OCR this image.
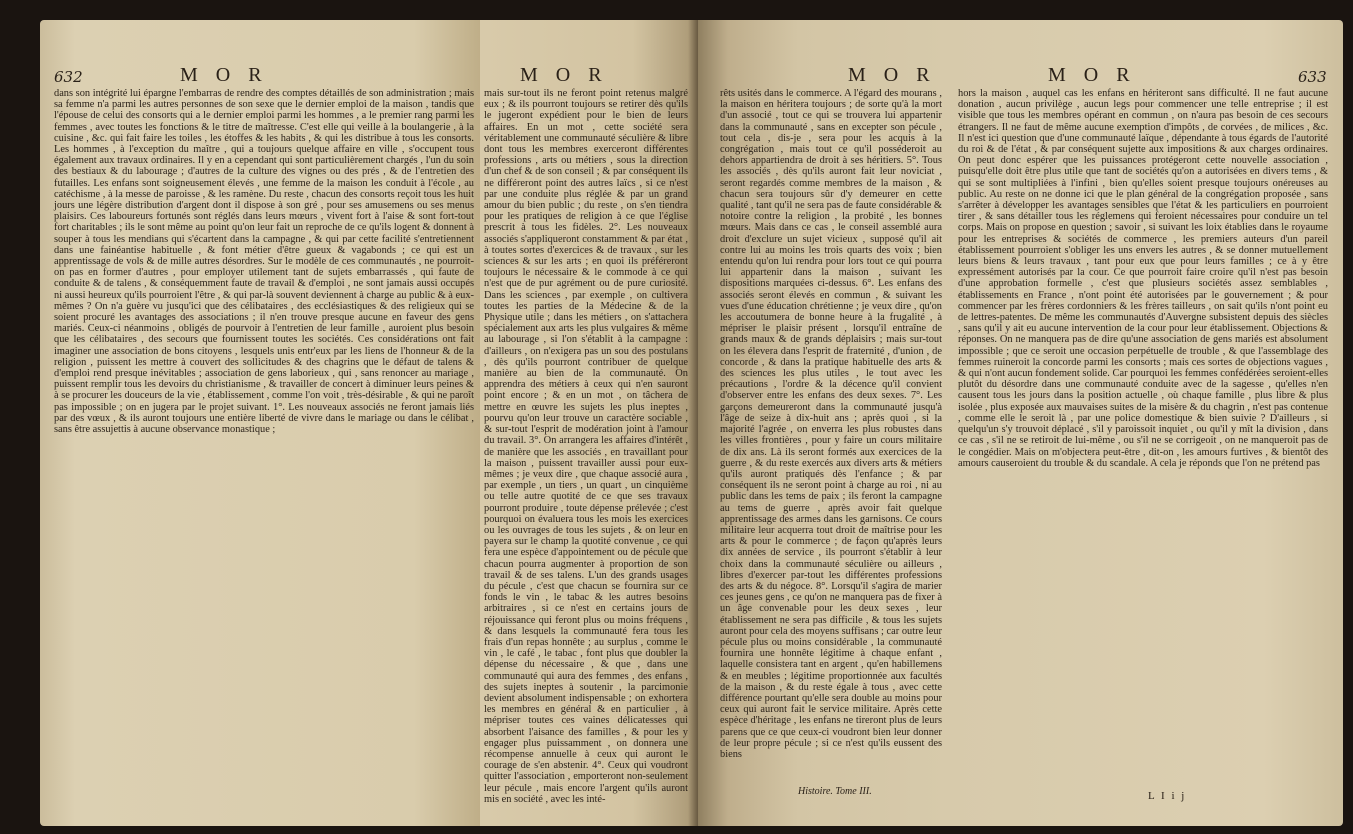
632	MOR
dans son intégrité lui épargne l'embarras de rendre des comptes détaillés de son administration ; mais sa femme n'a parmi les autres personnes de son sexe que le dernier emploi de la maison , tandis que l'épouse de celui des consorts qui a le dernier emploi parmi les hommes , a le premier rang parmi les femmes , avec toutes les fonctions & le titre de maîtresse. C'est elle qui veille à la boulangerie , à la cuisine , &c. qui fait faire les toiles , les étoffes & les habits , & qui les distribue à tous les consorts. Les hommes , à l'exception du maître , qui a toujours quelque affaire en ville , s'occupent tous également aux travaux ordinaires. Il y en a cependant qui sont particulièrement chargés , l'un du soin des bestiaux & du labourage ; d'autres de la culture des vignes ou des prés , & de l'entretien des futailles. Les enfans sont soigneusement élevés , une femme de la maison les conduit à l'école , au catéchisme , à la messe de paroisse , & les ramène. Du reste , chacun des consorts reçoit tous les huit jours une légère distribution d'argent dont il dispose à son gré , pour ses amusemens ou ses menus plaisirs. Ces laboureurs fortunés sont réglés dans leurs mœurs , vivent fort à l'aise & sont fort-tout fort charitables ; ils le sont même au point qu'on leur fait un reproche de ce qu'ils logent & donnent à souper à tous les mendians qui s'écartent dans la campagne , & qui par cette facilité s'entretiennent dans une fainéantise habituelle , & font métier d'être gueux & vagabonds ; ce qui est un apprentissage de vols & de mille autres désordres. Sur le modèle de ces communautés , ne pourroit-on pas en former d'autres , pour employer utilement tant de sujets embarrassés , qui faute de conduite & de talens , & conséquemment faute de travail & d'emploi , ne sont jamais aussi occupés ni aussi heureux qu'ils pourroient l'être , & qui par-là souvent deviennent à charge au public & à eux-mêmes ? On n'a guère vu jusqu'ici que des célibataires , des ecclésiastiques & des religieux qui se soient procuré les avantages des associations ; il n'en trouve presque aucune en faveur des gens mariés. Ceux-ci néanmoins , obligés de pourvoir à l'entretien de leur famille , auroient plus besoin que les célibataires , des secours que fournissent toutes les sociétés. Ces considérations ont fait imaginer une association de bons citoyens , lesquels unis entr'eux par les liens de l'honneur & de la religion , puissent les mettre à couvert des sollicitudes & des chagrins que le défaut de talens & d'emploi rend presque inévitables ; association de gens laborieux , qui , sans renoncer au mariage , puissent remplir tous les devoirs du christianisme , & travailler de concert à diminuer leurs peines & à se procurer les douceurs de la vie , établissement , comme l'on voit , très-désirable , & qui ne paroît pas impossible ; on en jugera par le projet suivant. 1°. Les nouveaux associés ne feront jamais liés par des vœux , & ils auront toujours une entière liberté de vivre dans le mariage ou dans le célibat , sans être assujettis à aucune observance monastique ;
MOR
mais sur-tout ils ne feront point retenus malgré eux ; & ils pourront toujours se retirer dès qu'ils le jugeront expédient pour le bien de leurs affaires. En un mot , cette société sera véritablement une communauté séculière & libre dont tous les membres exerceront différentes professions , arts ou métiers , sous la direction d'un chef & de son conseil ; & par conséquent ils ne différeront point des autres laïcs , si ce n'est par une conduite plus réglée & par un grand amour du bien public ; du reste , on s'en tiendra pour les pratiques de religion à ce que l'église prescrit à tous les fidèles. 2°. Les nouveaux associés s'appliqueront constamment & par état , à toutes sortes d'exercices & de travaux , sur les sciences & sur les arts ; en quoi ils préféreront toujours le nécessaire & le commode à ce qui n'est que de pur agrément ou de pure curiosité. Dans les sciences , par exemple , on cultivera toutes les parties de la Médecine & de la Physique utile ; dans les métiers , on s'attachera spécialement aux arts les plus vulgaires & même au labourage , si l'on s'établit à la campagne : d'ailleurs , on n'exigera pas un sou des postulans , dès qu'ils pourront contribuer de quelque manière au bien de la communauté. On apprendra des métiers à ceux qui n'en sauront point encore ; & en un mot , on tâchera de mettre en œuvre les sujets les plus ineptes , pourvu qu'on leur trouve un caractère sociable , & sur-tout l'esprit de modération joint à l'amour du travail. 3°. On arrangera les affaires d'intérêt , de manière que les associés , en travaillant pour la maison , puissent travailler aussi pour eux-mêmes ; je veux dire , que chaque associé aura , par exemple , un tiers , un quart , un cinquième ou telle autre quotité de ce que ses travaux pourront produire , toute dépense prélevée ; c'est pourquoi on évaluera tous les mois les exercices ou les ouvrages de tous les sujets , & on leur en payera sur le champ la quotité convenue , ce qui fera une espèce d'appointement ou de pécule que chacun pourra augmenter à proportion de son travail & de ses talens. L'un des grands usages du pécule , c'est que chacun se fournira sur ce fonds le vin , le tabac & les autres besoins arbitraires , si ce n'est en certains jours de réjouissance qui feront plus ou moins fréquens , & dans lesquels la communauté fera tous les frais d'un repas honnête ; au surplus , comme le vin , le café , le tabac , font plus que doubler la dépense du nécessaire , & que , dans une communauté qui aura des femmes , des enfans , des sujets ineptes à soutenir , la parcimonie devient absolument indispensable ; on exhortera les membres en général & en particulier , à mépriser toutes ces vaines délicatesses qui absorbent l'aisance des familles , & pour les y engager plus puissamment , on donnera une récompense annuelle à ceux qui auront le courage de s'en abstenir. 4°. Ceux qui voudront quitter l'association , emporteront non-seulement leur pécule , mais encore l'argent qu'ils auront mis en société , avec les inté-
MOR
rêts usités dans le commerce. A l'égard des mourans , la maison en héritera toujours ; de sorte qu'à la mort d'un associé , tout ce qui se trouvera lui appartenir dans la communauté , sans en excepter son pécule , tout cela , dis-je , sera pour les acquis à la congrégation , mais tout ce qu'il posséderoit au dehors appartiendra de droit à ses héritiers. 5°. Tous les associés , dès qu'ils auront fait leur noviciat , seront regardés comme membres de la maison , & chacun sera toujours sûr d'y demeurer en cette qualité , tant qu'il ne sera pas de faute considérable & notoire contre la religion , la probité , les bonnes mœurs. Mais dans ce cas , le conseil assemblé aura droit d'exclure un sujet vicieux , supposé qu'il ait contre lui au moins les trois quarts des voix ; bien entendu qu'on lui rendra pour lors tout ce qui pourra lui appartenir dans la maison , suivant les dispositions marquées ci-dessus. 6°. Les enfans des associés seront élevés en commun , & suivant les vues d'une éducation chrétienne ; je veux dire , qu'on les accoutumera de bonne heure à la frugalité , à mépriser le plaisir présent , lorsqu'il entraîne de grands maux & de grands déplaisirs ; mais sur-tout on les élevera dans l'esprit de fraternité , d'union , de concorde , & dans la pratique habituelle des arts & des sciences les plus utiles , le tout avec les précautions , l'ordre & la décence qu'il convient d'observer entre les enfans des deux sexes. 7°. Les garçons demeureront dans la communauté jusqu'à l'âge de seize à dix-huit ans ; après quoi , si la majorité l'agrée , on enverra les plus robustes dans les villes frontières , pour y faire un cours militaire de dix ans. Là ils seront formés aux exercices de la guerre , & du reste exercés aux divers arts & métiers qu'ils auront pratiqués dès l'enfance ; & par conséquent ils ne seront point à charge au roi , ni au public dans les tems de paix ; ils feront la campagne au tems de guerre , après avoir fait quelque apprentissage des armes dans les garnisons. Ce cours militaire leur acquerra tout droit de maîtrise pour les arts & pour le commerce ; de façon qu'après leurs dix années de service , ils pourront s'établir à leur choix dans la communauté séculière ou ailleurs , libres d'exercer par-tout les différentes professions des arts & du négoce. 8°. Lorsqu'il s'agira de marier ces jeunes gens , ce qu'on ne manquera pas de fixer à un âge convenable pour les deux sexes , leur établissement ne sera pas difficile , & tous les sujets auront pour cela des moyens suffisans ; car outre leur pécule plus ou moins considérable , la communauté fournira une honnête légitime à chaque enfant , laquelle consistera tant en argent , qu'en habillemens & en meubles ; légitime proportionnée aux facultés de la maison , & du reste égale à tous , avec cette différence pourtant qu'elle sera double au moins pour ceux qui auront fait le service militaire. Après cette espèce d'héritage , les enfans ne tireront plus de leurs parens que ce que ceux-ci voudront bien leur donner de leur propre pécule ; si ce n'est qu'ils eussent des biens
MOR	633
hors la maison , auquel cas les enfans en hériteront sans difficulté. Il ne faut aucune donation , aucun privilège , aucun legs pour commencer une telle entreprise ; il est visible que tous les membres opérant en commun , on n'aura pas besoin de ces secours étrangers. Il ne faut de même aucune exemption d'impôts , de corvées , de milices , &c. Il n'est ici question que d'une communauté laïque , dépendante à tous égards de l'autorité du roi & de l'état , & par conséquent sujette aux impositions & aux charges ordinaires. On peut donc espérer que les puissances protégeront cette nouvelle association , puisqu'elle doit être plus utile que tant de sociétés qu'on a autorisées en divers tems , & qui se sont multipliées à l'infini , bien qu'elles soient presque toujours onéreuses au public. Au reste on ne donne ici que le plan général de la congrégation proposée , sans s'arrêter à développer les avantages sensibles que l'état & les particuliers en pourroient tirer , & sans détailler tous les réglemens qui feroient nécessaires pour conduire un tel corps. Mais on propose en question ; savoir , si suivant les loix établies dans le royaume pour les entreprises & sociétés de commerce , les premiers auteurs d'un pareil établissement pourroient s'obliger les uns envers les autres , & se donner mutuellement leurs biens & leurs travaux , tant pour eux que pour leurs familles ; ce à y être expressément autorisés par la cour. Ce que pourroit faire croire qu'il n'est pas besoin d'une approbation formelle , c'est que plusieurs sociétés assez semblables , établissements en France , n'ont point été autorisées par le gouvernement ; & pour commencer par les frères cordonniers & les frères tailleurs , on sait qu'ils n'ont point eu de lettres-patentes. De même les communautés d'Auvergne subsistent depuis des siècles , sans qu'il y ait eu aucune intervention de la cour pour leur établissement. Objections & réponses. On ne manquera pas de dire qu'une association de gens mariés est absolument impossible ; que ce seroit une occasion perpétuelle de trouble , & que l'assemblage des femmes ruineroit la concorde parmi les consorts ; mais ces sortes de objections vagues , & qui n'ont aucun fondement solide. Car pourquoi les femmes confédérées seroient-elles plutôt du désordre dans une communauté conduite avec de la sagesse , qu'elles n'en causent tous les jours dans la position actuelle , où chaque famille , plus libre & plus isolée , plus exposée aux mauvaises suites de la misère & du chagrin , n'est pas contenue , comme elle le seroit là , par une police domestique & bien suivie ? D'ailleurs , si quelqu'un s'y trouvoit déplacé , s'il y paroissoit inquiet , ou qu'il y mît la division , dans ce cas , s'il ne se retiroit de lui-même , ou s'il ne se corrigeoit , on ne manqueroit pas de le congédier. Mais on m'objectera peut-être , dit-on , les amours furtives , & bientôt des amours causeroient du trouble & du scandale. A cela je réponds que l'on ne prétend pas
Histoire. Tome III.	L I i j
